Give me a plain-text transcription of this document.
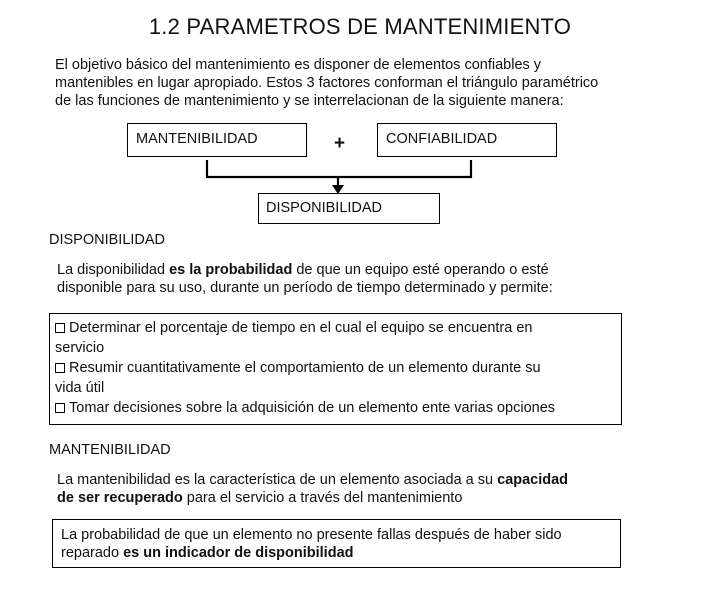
1.2 PARAMETROS DE MANTENIMIENTO
El objetivo básico del mantenimiento es disponer de elementos confiables y
mantenibles en lugar apropiado. Estos 3 factores conforman el triángulo paramétrico
de las funciones de mantenimiento y se interrelacionan de la siguiente manera:
MANTENIBILIDAD	+	CONFIABILIDAD
DISPONIBILIDAD
DISPONIBILIDAD
La disponibilidad es la probabilidad de que un equipo esté operando o esté
disponible para su uso, durante un período de tiempo determinado y permite:
Determinar el porcentaje de tiempo en el cual el equipo se encuentra en
servicio
Resumir cuantitativamente el comportamiento de un elemento durante su
vida útil
Tomar decisiones sobre la adquisición de un elemento ente varias opciones
MANTENIBILIDAD
La mantenibilidad es la característica de un elemento asociada a su capacidad
de ser recuperado para el servicio a través del mantenimiento
La probabilidad de que un elemento no presente fallas después de haber sido
reparado es un indicador de disponibilidad
